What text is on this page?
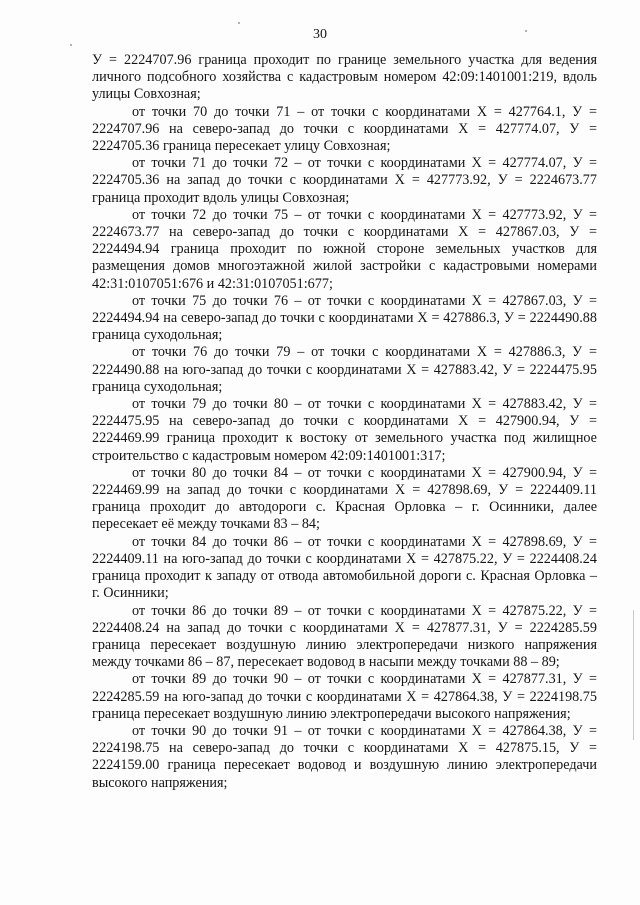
30

У = 2224707.96 граница проходит по границе земельного участка для ведения личного подсобного хозяйства с кадастровым номером 42:09:1401001:219, вдоль улицы Совхозная;

от точки 70 до точки 71 – от точки с координатами X = 427764.1, У = 2224707.96 на северо-запад до точки с координатами X = 427774.07, У = 2224705.36 граница пересекает улицу Совхозная;

от точки 71 до точки 72 – от точки с координатами X = 427774.07, У = 2224705.36 на запад до точки с координатами X = 427773.92, У = 2224673.77 граница проходит вдоль улицы Совхозная;

от точки 72 до точки 75 – от точки с координатами X = 427773.92, У = 2224673.77 на северо-запад до точки с координатами X = 427867.03, У = 2224494.94 граница проходит по южной стороне земельных участков для размещения домов многоэтажной жилой застройки с кадастровыми номерами 42:31:0107051:676 и 42:31:0107051:677;

от точки 75 до точки 76 – от точки с координатами X = 427867.03, У = 2224494.94 на северо-запад до точки с координатами X = 427886.3, У = 2224490.88 граница суходольная;

от точки 76 до точки 79 – от точки с координатами X = 427886.3, У = 2224490.88 на юго-запад до точки с координатами X = 427883.42, У = 2224475.95 граница суходольная;

от точки 79 до точки 80 – от точки с координатами X = 427883.42, У = 2224475.95 на северо-запад до точки с координатами X = 427900.94, У = 2224469.99 граница проходит к востоку от земельного участка под жилищное строительство с кадастровым номером 42:09:1401001:317;

от точки 80 до точки 84 – от точки с координатами X = 427900.94, У = 2224469.99 на запад до точки с координатами X = 427898.69, У = 2224409.11 граница проходит до автодороги с. Красная Орловка – г. Осинники, далее пересекает её между точками 83 – 84;

от точки 84 до точки 86 – от точки с координатами X = 427898.69, У = 2224409.11 на юго-запад до точки с координатами X = 427875.22, У = 2224408.24 граница проходит к западу от отвода автомобильной дороги с. Красная Орловка – г. Осинники;

от точки 86 до точки 89 – от точки с координатами X = 427875.22, У = 2224408.24 на запад до точки с координатами X = 427877.31, У = 2224285.59 граница пересекает воздушную линию электропередачи низкого напряжения между точками 86 – 87, пересекает водовод в насыпи между точками 88 – 89;

от точки 89 до точки 90 – от точки с координатами X = 427877.31, У = 2224285.59 на юго-запад до точки с координатами X = 427864.38, У = 2224198.75 граница пересекает воздушную линию электропередачи высокого напряжения;

от точки 90 до точки 91 – от точки с координатами X = 427864.38, У = 2224198.75 на северо-запад до точки с координатами X = 427875.15, У = 2224159.00 граница пересекает водовод и воздушную линию электропередачи высокого напряжения;
